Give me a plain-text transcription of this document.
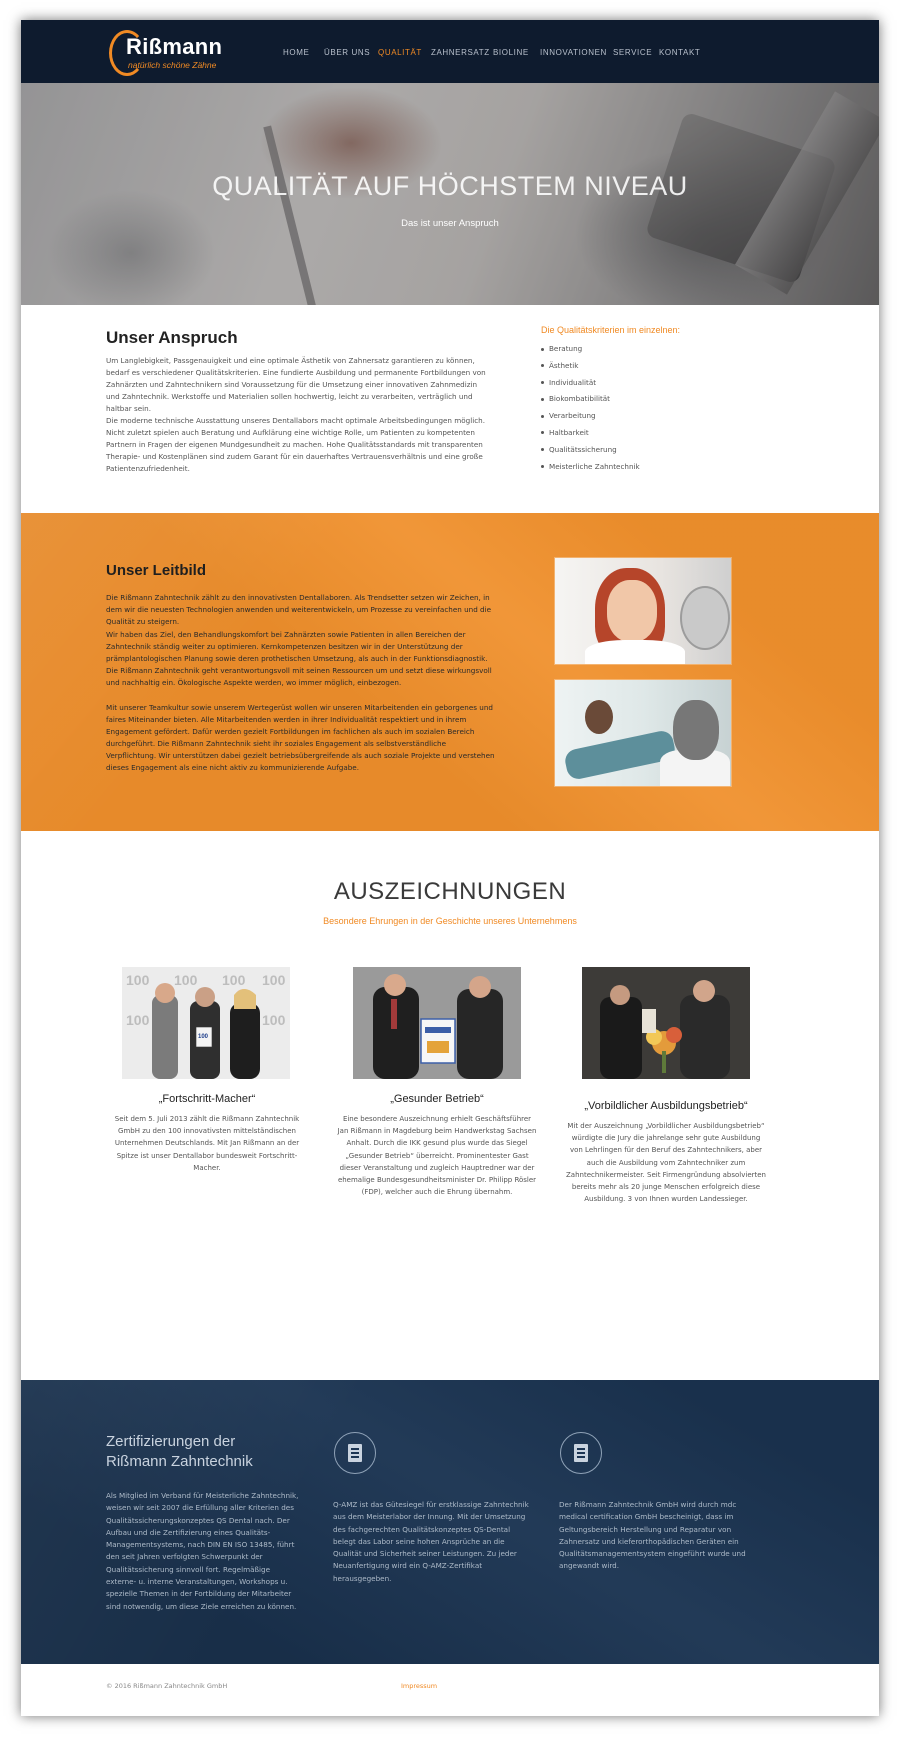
Rißmann
natürlich schöne Zähne
HOME ÜBER UNS QUALITÄT ZAHNERSATZ BIOLINE INNOVATIONEN SERVICE KONTAKT
QUALITÄT AUF HÖCHSTEM NIVEAU
Das ist unser Anspruch
Unser Anspruch

Um Langlebigkeit, Passgenauigkeit und eine optimale Ästhetik von Zahnersatz garantieren zu können, bedarf es verschiedener Qualitätskriterien. Eine fundierte Ausbildung und permanente Fortbildungen von Zahnärzten und Zahntechnikern sind Voraussetzung für die Umsetzung einer innovativen Zahnmedizin und Zahntechnik. Werkstoffe und Materialien sollen hochwertig, leicht zu verarbeiten, verträglich und haltbar sein.

Die moderne technische Ausstattung unseres Dentallabors macht optimale Arbeitsbedingungen möglich. Nicht zuletzt spielen auch Beratung und Aufklärung eine wichtige Rolle, um Patienten zu kompetenten Partnern in Fragen der eigenen Mundgesundheit zu machen. Hohe Qualitätsstandards mit transparenten Therapie- und Kostenplänen sind zudem Garant für ein dauerhaftes Vertrauensverhältnis und eine große Patientenzufriedenheit.

Die Qualitätskriterien im einzelnen:
Beratung
Ästhetik
Individualität
Biokombatibilität
Verarbeitung
Haltbarkeit
Qualitätssicherung
Meisterliche Zahntechnik
Unser Leitbild

Die Rißmann Zahntechnik zählt zu den innovativsten Dentallaboren. Als Trendsetter setzen wir Zeichen, in dem wir die neuesten Technologien anwenden und weiterentwickeln, um Prozesse zu vereinfachen und die Qualität zu steigern.

Wir haben das Ziel, den Behandlungskomfort bei Zahnärzten sowie Patienten in allen Bereichen der Zahntechnik ständig weiter zu optimieren. Kernkompetenzen besitzen wir in der Unterstützung der prämplantologischen Planung sowie deren prothetischen Umsetzung, als auch in der Funktionsdiagnostik. Die Rißmann Zahntechnik geht verantwortungsvoll mit seinen Ressourcen um und setzt diese wirkungsvoll und nachhaltig ein. Ökologische Aspekte werden, wo immer möglich, einbezogen.

Mit unserer Teamkultur sowie unserem Wertegerüst wollen wir unseren Mitarbeitenden ein geborgenes und faires Miteinander bieten. Alle Mitarbeitenden werden in ihrer Individualität respektiert und in ihrem Engagement gefördert. Dafür werden gezielt Fortbildungen im fachlichen als auch im sozialen Bereich durchgeführt. Die Rißmann Zahntechnik sieht ihr soziales Engagement als selbstverständliche Verpflichtung. Wir unterstützen dabei gezielt betriebsübergreifende als auch soziale Projekte und verstehen dieses Engagement als eine nicht aktiv zu kommunizierende Aufgabe.

AUSZEICHNUNGEN
Besondere Ehrungen in der Geschichte unseres Unternehmens
100 100 100 100
100	100
100
„Fortschritt-Macher“

Seit dem 5. Juli 2013 zählt die Rißmann Zahntechnik GmbH zu den 100 innovativsten mittelständischen Unternehmen Deutschlands. Mit Jan Rißmann an der Spitze ist unser Dentallabor bundesweit Fortschritt-Macher.

„Gesunder Betrieb“

Eine besondere Auszeichnung erhielt Geschäftsführer Jan Rißmann in Magdeburg beim Handwerkstag Sachsen Anhalt. Durch die IKK gesund plus wurde das Siegel „Gesunder Betrieb“ überreicht. Prominentester Gast dieser Veranstaltung und zugleich Hauptredner war der ehemalige Bundesgesundheitsminister Dr. Philipp Rösler (FDP), welcher auch die Ehrung übernahm.

„Vorbildlicher Ausbildungsbetrieb“

Mit der Auszeichnung „Vorbildlicher Ausbildungsbetrieb“ würdigte die Jury die jahrelange sehr gute Ausbildung von Lehrlingen für den Beruf des Zahntechnikers, aber auch die Ausbildung vom Zahntechniker zum Zahntechnikermeister. Seit Firmengründung absolvierten bereits mehr als 20 junge Menschen erfolgreich diese Ausbildung. 3 von Ihnen wurden Landessieger.

Zertifizierungen der Rißmann Zahntechnik

Als Mitglied im Verband für Meisterliche Zahntechnik, weisen wir seit 2007 die Erfüllung aller Kriterien des Qualitätssicherungskonzeptes QS Dental nach. Der Aufbau und die Zertifizierung eines Qualitäts-Managementsystems, nach DIN EN ISO 13485, führt den seit Jahren verfolgten Schwerpunkt der Qualitätssicherung sinnvoll fort. Regelmäßige externe- u. interne Veranstaltungen, Workshops u. spezielle Themen in der Fortbildung der Mitarbeiter sind notwendig, um diese Ziele erreichen zu können.

Q-AMZ ist das Gütesiegel für erstklassige Zahntechnik aus dem Meisterlabor der Innung. Mit der Umsetzung des fachgerechten Qualitätskonzeptes QS-Dental belegt das Labor seine hohen Ansprüche an die Qualität und Sicherheit seiner Leistungen. Zu jeder Neuanfertigung wird ein Q-AMZ-Zertifikat herausgegeben.

Der Rißmann Zahntechnik GmbH wird durch mdc medical certification GmbH bescheinigt, dass im Geltungsbereich Herstellung und Reparatur von Zahnersatz und kieferorthopädischen Geräten ein Qualitätsmanagementsystem eingeführt wurde und angewandt wird.

© 2016 Rißmann Zahntechnik GmbH	Impressum
